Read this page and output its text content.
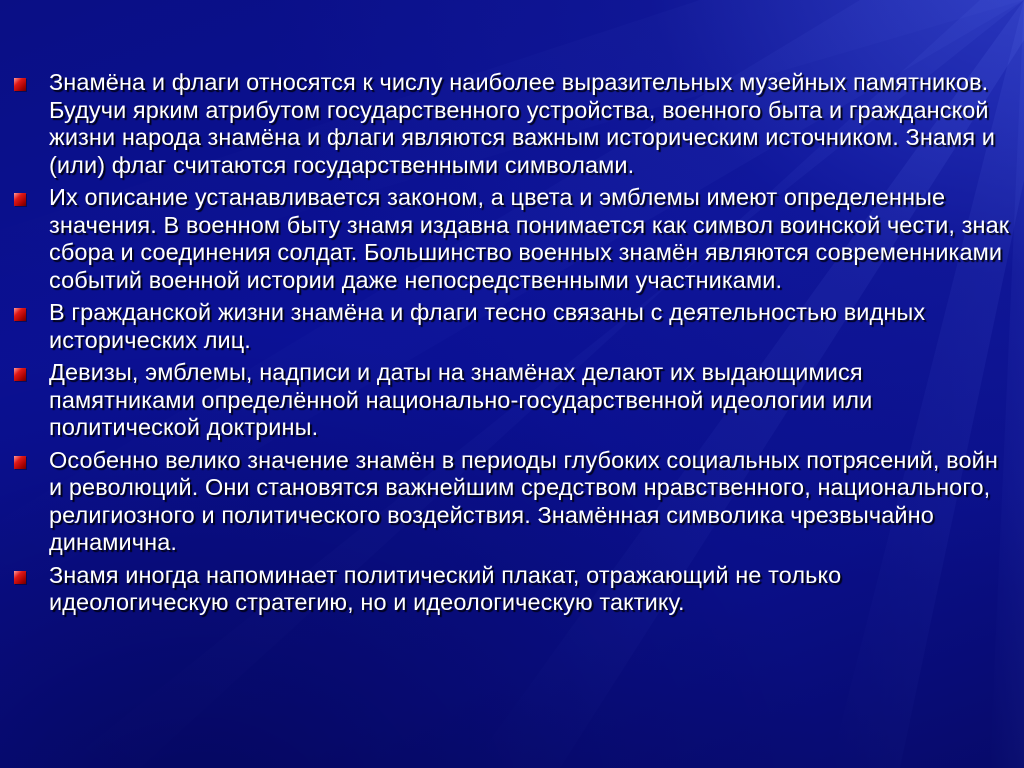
Знамёна и флаги относятся к числу наиболее выразительных музейных памятников. Будучи ярким атрибутом государственного устройства, военного быта и гражданской жизни народа знамёна и флаги являются важным историческим источником. Знамя и (или) флаг считаются государственными символами.
Их описание устанавливается законом, а цвета и эмблемы имеют определенные значения. В военном быту знамя издавна понимается как символ воинской чести, знак сбора и соединения солдат. Большинство военных знамён являются современниками событий военной истории даже непосредственными участниками.
В гражданской жизни знамёна и флаги тесно связаны с деятельностью видных исторических лиц.
Девизы, эмблемы, надписи и даты на знамёнах делают их выдающимися памятниками определённой национально-государственной идеологии или политической доктрины.
Особенно велико значение знамён в периоды глубоких социальных потрясений, войн и революций. Они становятся важнейшим средством нравственного, национального, религиозного и политического воздействия. Знамённая символика чрезвычайно динамична.
Знамя иногда напоминает политический плакат, отражающий не только идеологическую стратегию, но и идеологическую тактику.
